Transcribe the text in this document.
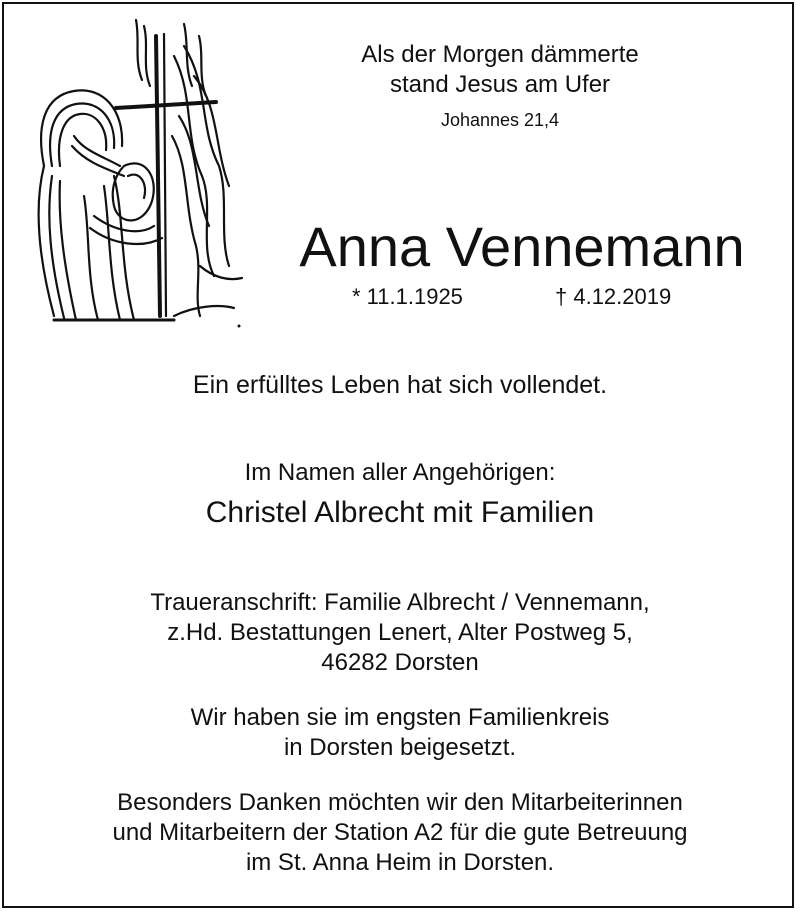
Als der Morgen dämmerte
stand Jesus am Ufer
Johannes 21,4
Anna Vennemann
* 11.1.1925	† 4.12.2019
Ein erfülltes Leben hat sich vollendet.
Im Namen aller Angehörigen:
Christel Albrecht mit Familien
Traueranschrift: Familie Albrecht / Vennemann,
z.Hd. Bestattungen Lenert, Alter Postweg 5,
46282 Dorsten
Wir haben sie im engsten Familienkreis
in Dorsten beigesetzt.
Besonders Danken möchten wir den Mitarbeiterinnen
und Mitarbeitern der Station A2 für die gute Betreuung
im St. Anna Heim in Dorsten.
